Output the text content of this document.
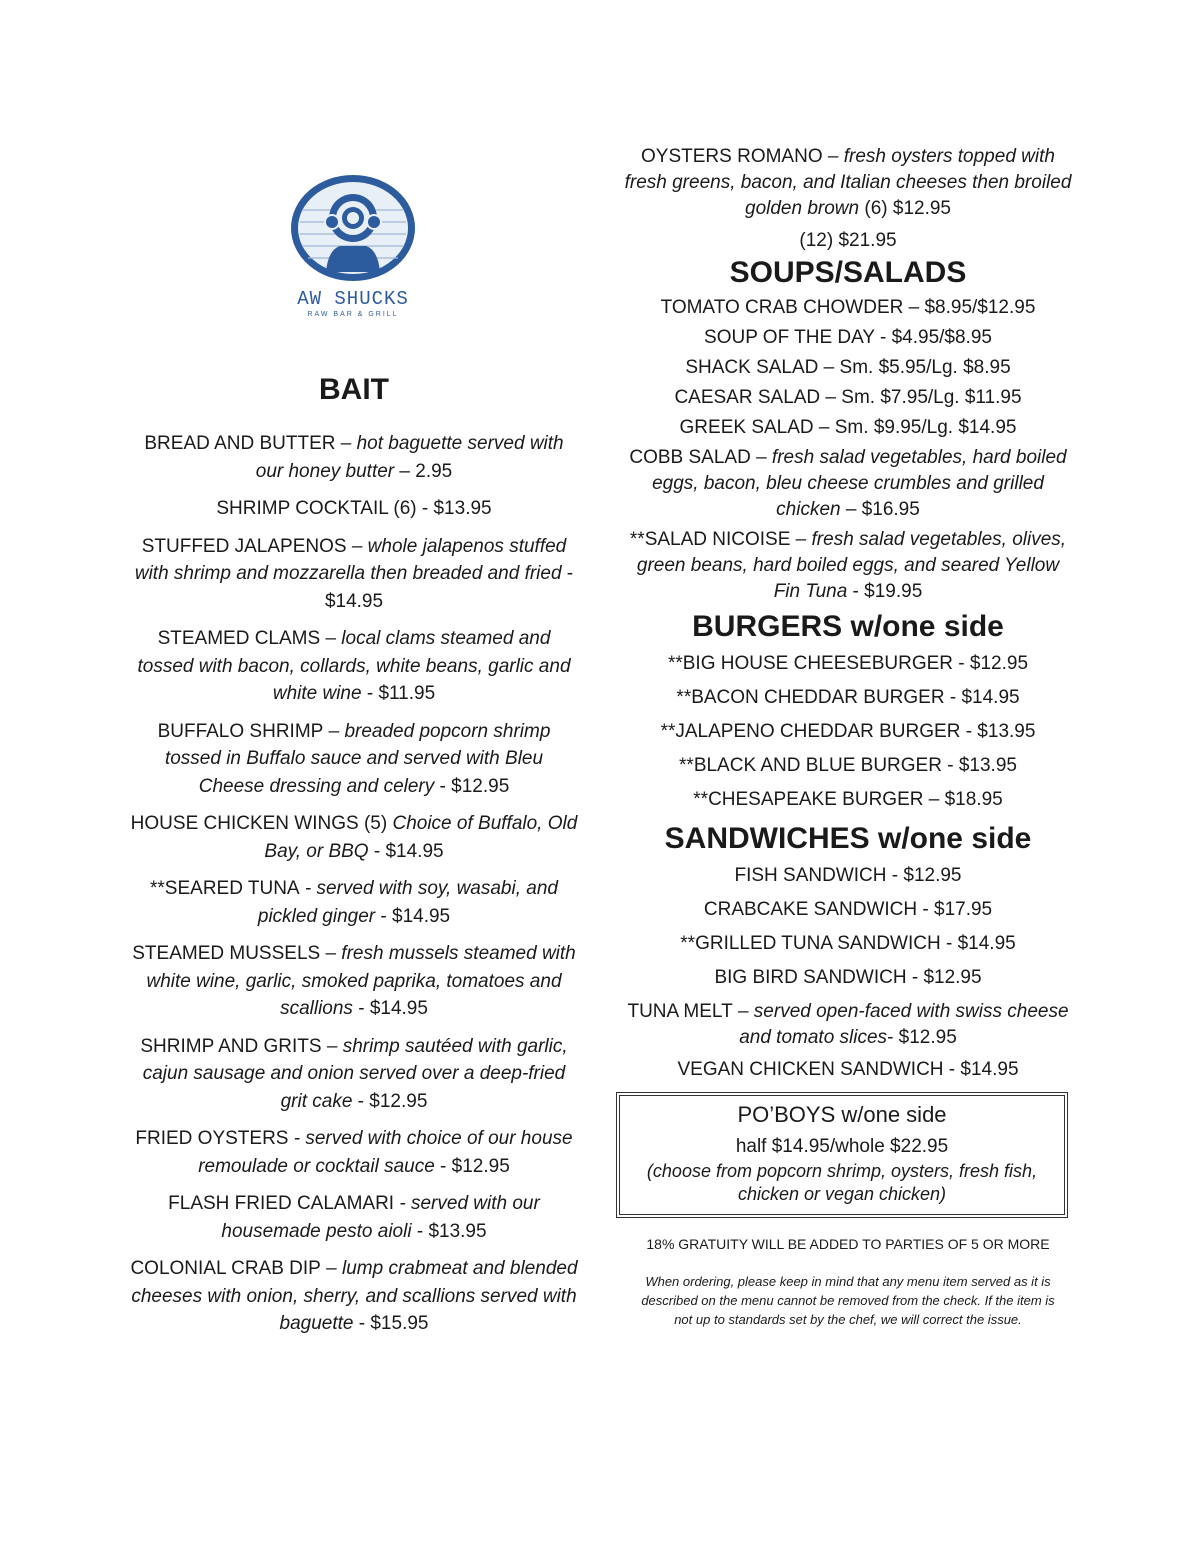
AW SHUCKS
RAW BAR & GRILL
BAIT
BREAD AND BUTTER – hot baguette served with our honey butter – 2.95
SHRIMP COCKTAIL (6) - $13.95
STUFFED JALAPENOS – whole jalapenos stuffed with shrimp and mozzarella then breaded and fried - $14.95
STEAMED CLAMS – local clams steamed and tossed with bacon, collards, white beans, garlic and white wine - $11.95
BUFFALO SHRIMP – breaded popcorn shrimp tossed in Buffalo sauce and served with Bleu Cheese dressing and celery - $12.95
HOUSE CHICKEN WINGS (5) Choice of Buffalo, Old Bay, or BBQ - $14.95
**SEARED TUNA - served with soy, wasabi, and pickled ginger - $14.95
STEAMED MUSSELS – fresh mussels steamed with white wine, garlic, smoked paprika, tomatoes and scallions - $14.95
SHRIMP AND GRITS – shrimp sautéed with garlic, cajun sausage and onion served over a deep-fried grit cake - $12.95
FRIED OYSTERS - served with choice of our house remoulade or cocktail sauce - $12.95
FLASH FRIED CALAMARI - served with our housemade pesto aioli - $13.95
COLONIAL CRAB DIP – lump crabmeat and blended cheeses with onion, sherry, and scallions served with baguette - $15.95
OYSTERS ROMANO – fresh oysters topped with fresh greens, bacon, and Italian cheeses then broiled golden brown (6) $12.95
(12) $21.95
SOUPS/SALADS
TOMATO CRAB CHOWDER – $8.95/$12.95
SOUP OF THE DAY - $4.95/$8.95
SHACK SALAD – Sm. $5.95/Lg. $8.95
CAESAR SALAD – Sm. $7.95/Lg. $11.95
GREEK SALAD – Sm. $9.95/Lg. $14.95
COBB SALAD – fresh salad vegetables, hard boiled eggs, bacon, bleu cheese crumbles and grilled chicken – $16.95
**SALAD NICOISE – fresh salad vegetables, olives, green beans, hard boiled eggs, and seared Yellow Fin Tuna - $19.95
BURGERS w/one side
**BIG HOUSE CHEESEBURGER - $12.95
**BACON CHEDDAR BURGER - $14.95
**JALAPENO CHEDDAR BURGER - $13.95
**BLACK AND BLUE BURGER - $13.95
**CHESAPEAKE BURGER – $18.95
SANDWICHES w/one side
FISH SANDWICH - $12.95
CRABCAKE SANDWICH - $17.95
**GRILLED TUNA SANDWICH - $14.95
BIG BIRD SANDWICH - $12.95
TUNA MELT – served open-faced with swiss cheese and tomato slices- $12.95
VEGAN CHICKEN SANDWICH - $14.95
PO’BOYS w/one side
half $14.95/whole $22.95
(choose from popcorn shrimp, oysters, fresh fish, chicken or vegan chicken)
18% GRATUITY WILL BE ADDED TO PARTIES OF 5 OR MORE
When ordering, please keep in mind that any menu item served as it is described on the menu cannot be removed from the check. If the item is not up to standards set by the chef, we will correct the issue.
